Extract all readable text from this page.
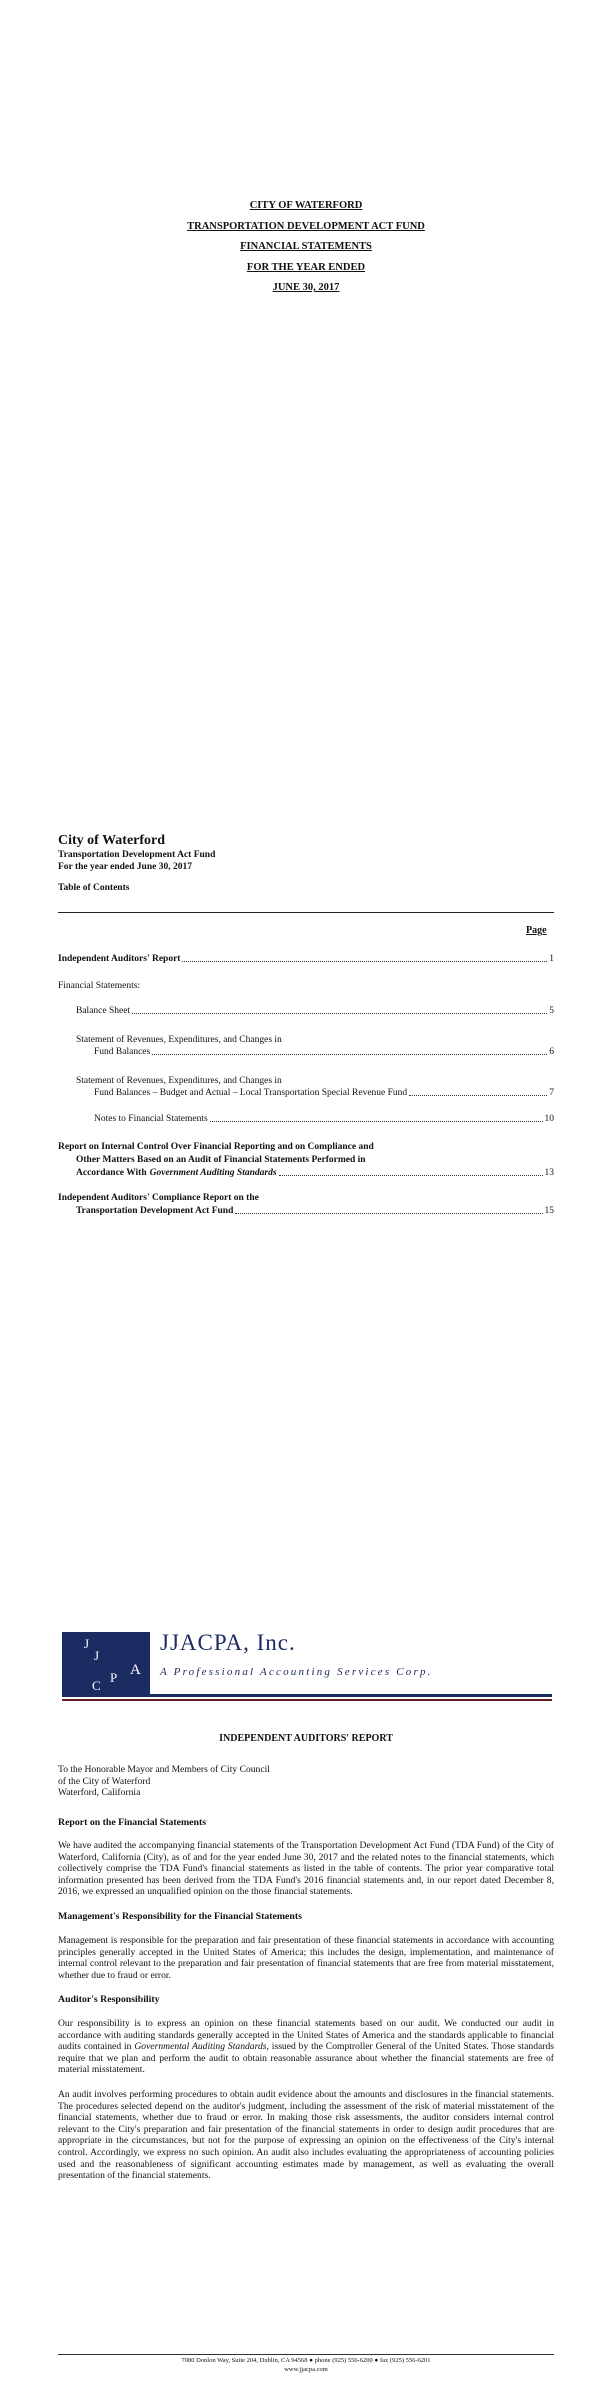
CITY OF WATERFORD
TRANSPORTATION DEVELOPMENT ACT FUND
FINANCIAL STATEMENTS
FOR THE YEAR ENDED
JUNE 30, 2017
City of Waterford
Transportation Development Act Fund
For the year ended June 30, 2017
Table of Contents
Page
Independent Auditors' Report	1
Financial Statements:
Balance Sheet	5
Statement of Revenues, Expenditures, and Changes in
Fund Balances	6
Statement of Revenues, Expenditures, and Changes in
Fund Balances – Budget and Actual – Local Transportation Special Revenue Fund	7
Notes to Financial Statements	10
Report on Internal Control Over Financial Reporting and on Compliance and
Other Matters Based on an Audit of Financial Statements Performed in
Accordance With Government Auditing Standards	13
Independent Auditors' Compliance Report on the
Transportation Development Act Fund	15
J
J
A
C
P
JJACPA, Inc.
A Professional Accounting Services Corp.
INDEPENDENT AUDITORS' REPORT
To the Honorable Mayor and Members of City Council
of the City of Waterford
Waterford, California
Report on the Financial Statements
We have audited the accompanying financial statements of the Transportation Development Act Fund (TDA Fund) of the City of Waterford, California (City), as of and for the year ended June 30, 2017 and the related notes to the financial statements, which collectively comprise the TDA Fund's financial statements as listed in the table of contents. The prior year comparative total information presented has been derived from the TDA Fund's 2016 financial statements and, in our report dated December 8, 2016, we expressed an unqualified opinion on the those financial statements.
Management's Responsibility for the Financial Statements
Management is responsible for the preparation and fair presentation of these financial statements in accordance with accounting principles generally accepted in the United States of America; this includes the design, implementation, and maintenance of internal control relevant to the preparation and fair presentation of financial statements that are free from material misstatement, whether due to fraud or error.
Auditor's Responsibility
Our responsibility is to express an opinion on these financial statements based on our audit. We conducted our audit in accordance with auditing standards generally accepted in the United States of America and the standards applicable to financial audits contained in Governmental Auditing Standards, issued by the Comptroller General of the United States. Those standards require that we plan and perform the audit to obtain reasonable assurance about whether the financial statements are free of material misstatement.
An audit involves performing procedures to obtain audit evidence about the amounts and disclosures in the financial statements. The procedures selected depend on the auditor's judgment, including the assessment of the risk of material misstatement of the financial statements, whether due to fraud or error. In making those risk assessments, the auditor considers internal control relevant to the City's preparation and fair presentation of the financial statements in order to design audit procedures that are appropriate in the circumstances, but not for the purpose of expressing an opinion on the effectiveness of the City's internal control. Accordingly, we express no such opinion. An audit also includes evaluating the appropriateness of accounting policies used and the reasonableness of significant accounting estimates made by management, as well as evaluating the overall presentation of the financial statements.
7080 Donlon Way, Suite 204, Dublin, CA 94568 ● phone (925) 556-6200 ● fax (925) 556-6201
www.jjacpa.com
